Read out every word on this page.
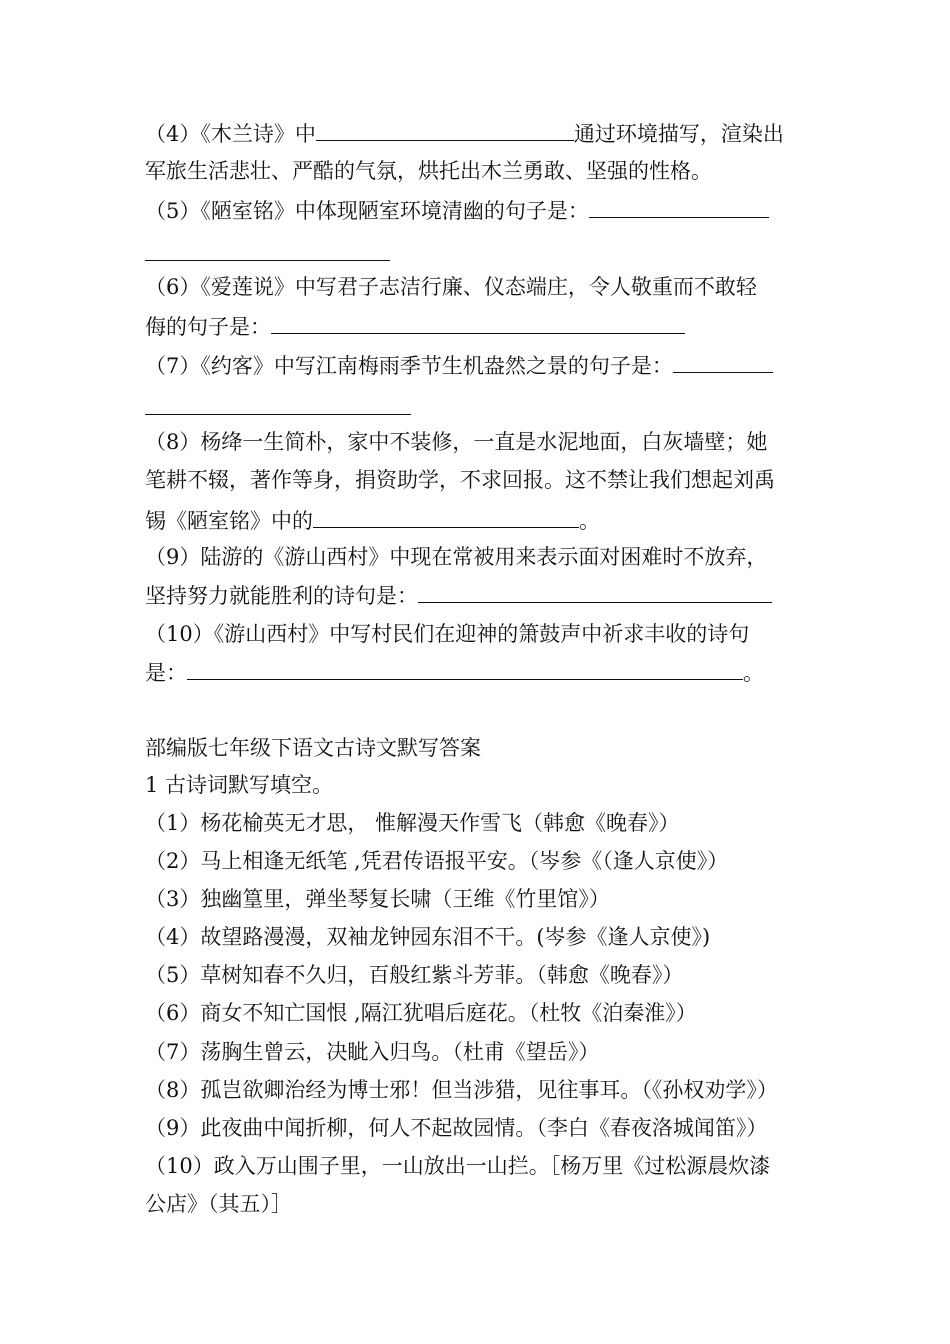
（4）《木兰诗》中	通过环境描写，渲染出
军旅生活悲壮、严酷的气氛，烘托出木兰勇敢、坚强的性格。
（5）《陋室铭》中体现陋室环境清幽的句子是：
（6）《爱莲说》中写君子志洁行廉、仪态端庄，令人敬重而不敢轻
侮的句子是：
（7）《约客》中写江南梅雨季节生机盎然之景的句子是：
（8）杨绛一生简朴，家中不装修，一直是水泥地面，白灰墙壁；她
笔耕不辍，著作等身，捐资助学，不求回报。这不禁让我们想起刘禹
锡《陋室铭》中的	。
（9）陆游的《游山西村》中现在常被用来表示面对困难时不放弃，
坚持努力就能胜利的诗句是：
（10）《游山西村》中写村民们在迎神的箫鼓声中祈求丰收的诗句
是：	。
部编版七年级下语文古诗文默写答案
1 古诗词默写填空。
（1）杨花榆英无才思， 惟解漫天作雪飞（韩愈《晚春》）
（2）马上相逢无纸笔 ,凭君传语报平安。（岑参《（逢人京使》）
（3）独幽篁里，弹坐琴复长啸（王维《竹里馆》）
（4）故望路漫漫，双袖龙钟园东泪不干。(岑参《逢人京使》)
（5）草树知春不久归，百般红紫斗芳菲。（韩愈《晚春》）
（6）商女不知亡国恨 ,隔江犹唱后庭花。（杜牧《泊秦淮》）
（7）荡胸生曾云，决眦入归鸟。（杜甫《望岳》）
（8）孤岂欲卿治经为博士邪！但当涉猎，见往事耳。（《孙权劝学》）
（9）此夜曲中闻折柳，何人不起故园情。（李白《春夜洛城闻笛》）
（10）政入万山围子里，一山放出一山拦。［杨万里《过松源晨炊漆
公店》（其五）］
